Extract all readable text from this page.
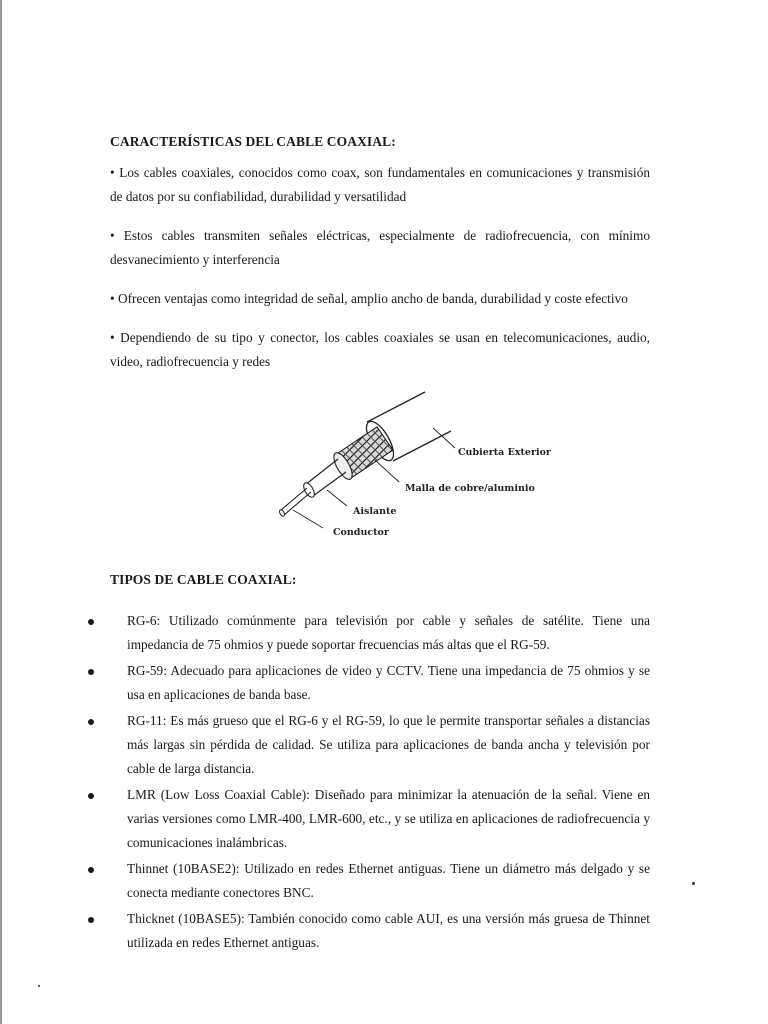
CARACTERÍSTICAS DEL CABLE COAXIAL:

• Los cables coaxiales, conocidos como coax, son fundamentales en comunicaciones y transmisión de datos por su confiabilidad, durabilidad y versatilidad

• Estos cables transmiten señales eléctricas, especialmente de radiofrecuencia, con mínimo desvanecimiento y interferencia

• Ofrecen ventajas como integridad de señal, amplio ancho de banda, durabilidad y coste efectivo

• Dependiendo de su tipo y conector, los cables coaxiales se usan en telecomunicaciones, audio, video, radiofrecuencia y redes

Cubierta Exterior
Malla de cobre/aluminio
Aislante
Conductor
TIPOS DE CABLE COAXIAL:
RG-6: Utilizado comúnmente para televisión por cable y señales de satélite. Tiene una impedancia de 75 ohmios y puede soportar frecuencias más altas que el RG-59.
RG-59: Adecuado para aplicaciones de video y CCTV. Tiene una impedancia de 75 ohmios y se usa en aplicaciones de banda base.
RG-11: Es más grueso que el RG-6 y el RG-59, lo que le permite transportar señales a distancias más largas sin pérdida de calidad. Se utiliza para aplicaciones de banda ancha y televisión por cable de larga distancia.
LMR (Low Loss Coaxial Cable): Diseñado para minimizar la atenuación de la señal. Viene en varias versiones como LMR-400, LMR-600, etc., y se utiliza en aplicaciones de radiofrecuencia y comunicaciones inalámbricas.
Thinnet (10BASE2): Utilizado en redes Ethernet antiguas. Tiene un diámetro más delgado y se conecta mediante conectores BNC.
Thicknet (10BASE5): También conocido como cable AUI, es una versión más gruesa de Thinnet utilizada en redes Ethernet antiguas.
